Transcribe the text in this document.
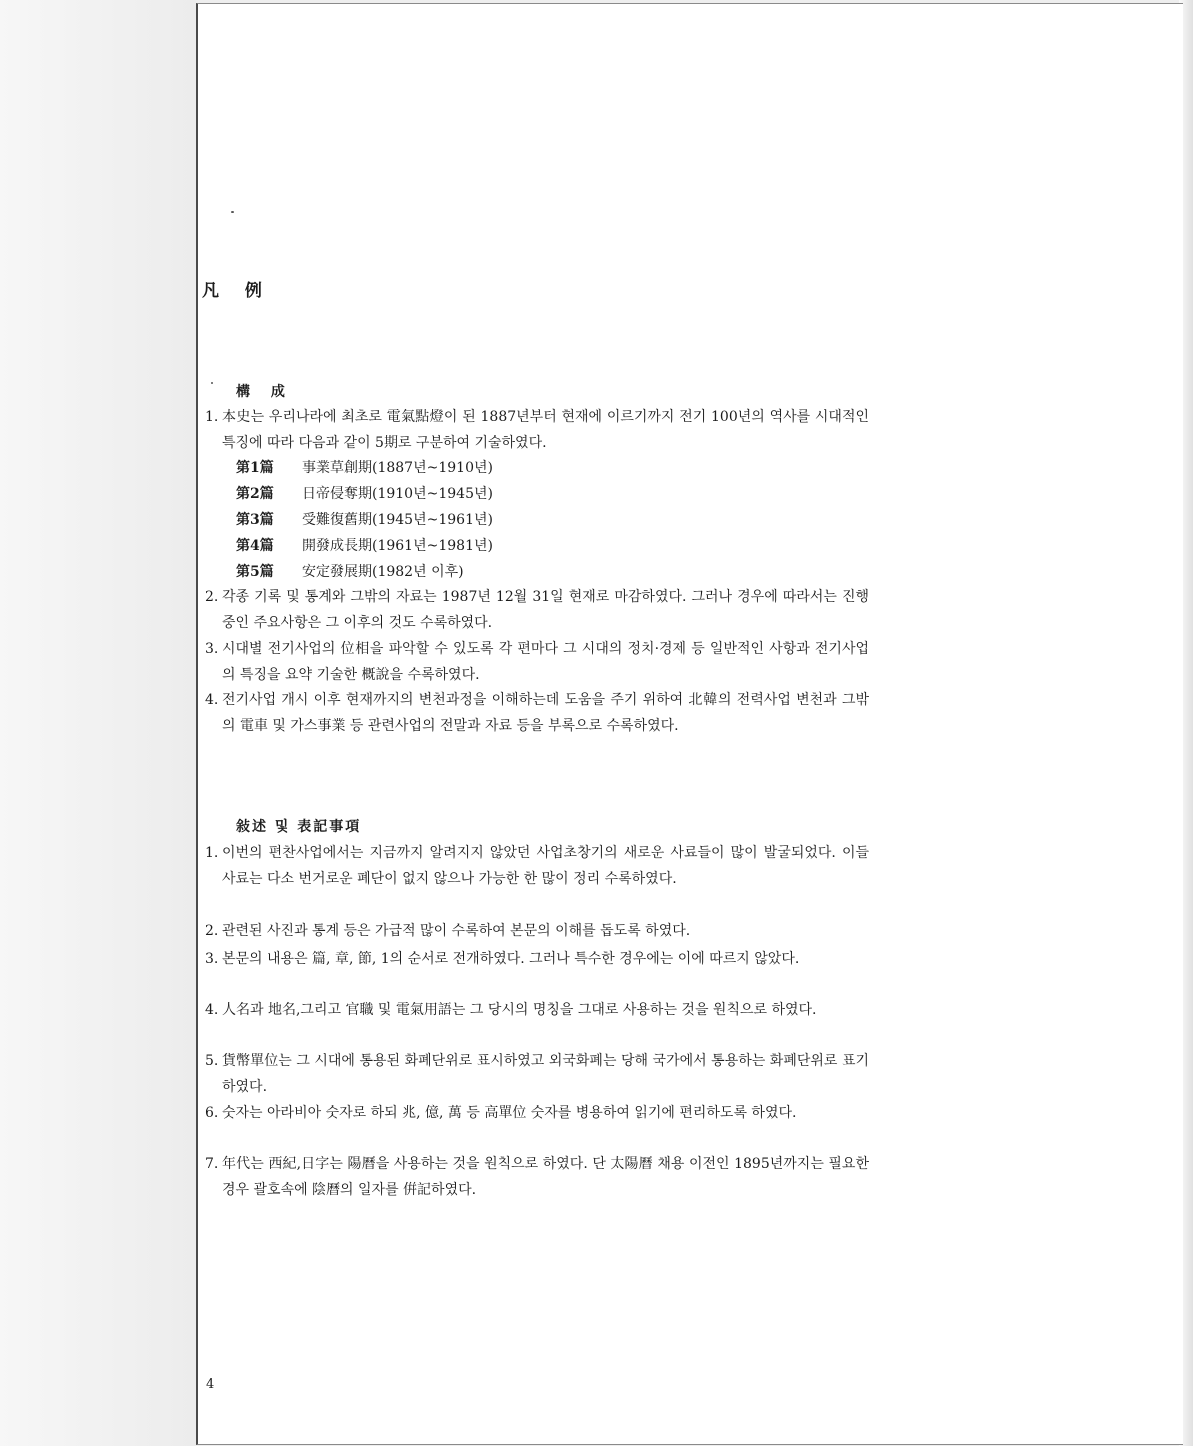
凡 例
構 成
1. 本史는 우리나라에 최초로 電氣點燈이 된 1887년부터 현재에 이르기까지 전기 100년의 역사를 시대적인 특징에 따라 다음과 같이 5期로 구분하여 기술하였다.
第1篇 事業草創期(1887년~1910년)
第2篇 日帝侵奪期(1910년~1945년)
第3篇 受難復舊期(1945년~1961년)
第4篇 開發成長期(1961년~1981년)
第5篇 安定發展期(1982년 이후)
2. 각종 기록 및 통계와 그밖의 자료는 1987년 12월 31일 현재로 마감하였다. 그러나 경우에 따라서는 진행중인 주요사항은 그 이후의 것도 수록하였다.
3. 시대별 전기사업의 位相을 파악할 수 있도록 각 편마다 그 시대의 정치·경제 등 일반적인 사항과 전기사업의 특징을 요약 기술한 概說을 수록하였다.
4. 전기사업 개시 이후 현재까지의 변천과정을 이해하는데 도움을 주기 위하여 北韓의 전력사업 변천과 그밖의 電車 및 가스事業 등 관련사업의 전말과 자료 등을 부록으로 수록하였다.
敍述 및 表記事項
1. 이번의 편찬사업에서는 지금까지 알려지지 않았던 사업초창기의 새로운 사료들이 많이 발굴되었다. 이들 사료는 다소 번거로운 폐단이 없지 않으나 가능한 한 많이 정리 수록하였다.
2. 관련된 사진과 통계 등은 가급적 많이 수록하여 본문의 이해를 돕도록 하였다.
3. 본문의 내용은 篇, 章, 節, 1의 순서로 전개하였다. 그러나 특수한 경우에는 이에 따르지 않았다.
4. 人名과 地名,그리고 官職 및 電氣用語는 그 당시의 명칭을 그대로 사용하는 것을 원칙으로 하였다.
5. 貨幣單位는 그 시대에 통용된 화폐단위로 표시하였고 외국화폐는 당해 국가에서 통용하는 화폐단위로 표기하였다.
6. 숫자는 아라비아 숫자로 하되 兆, 億, 萬 등 高單位 숫자를 병용하여 읽기에 편리하도록 하였다.
7. 年代는 西紀,日字는 陽曆을 사용하는 것을 원칙으로 하였다. 단 太陽曆 채용 이전인 1895년까지는 필요한 경우 괄호속에 陰曆의 일자를 倂記하였다.
4
